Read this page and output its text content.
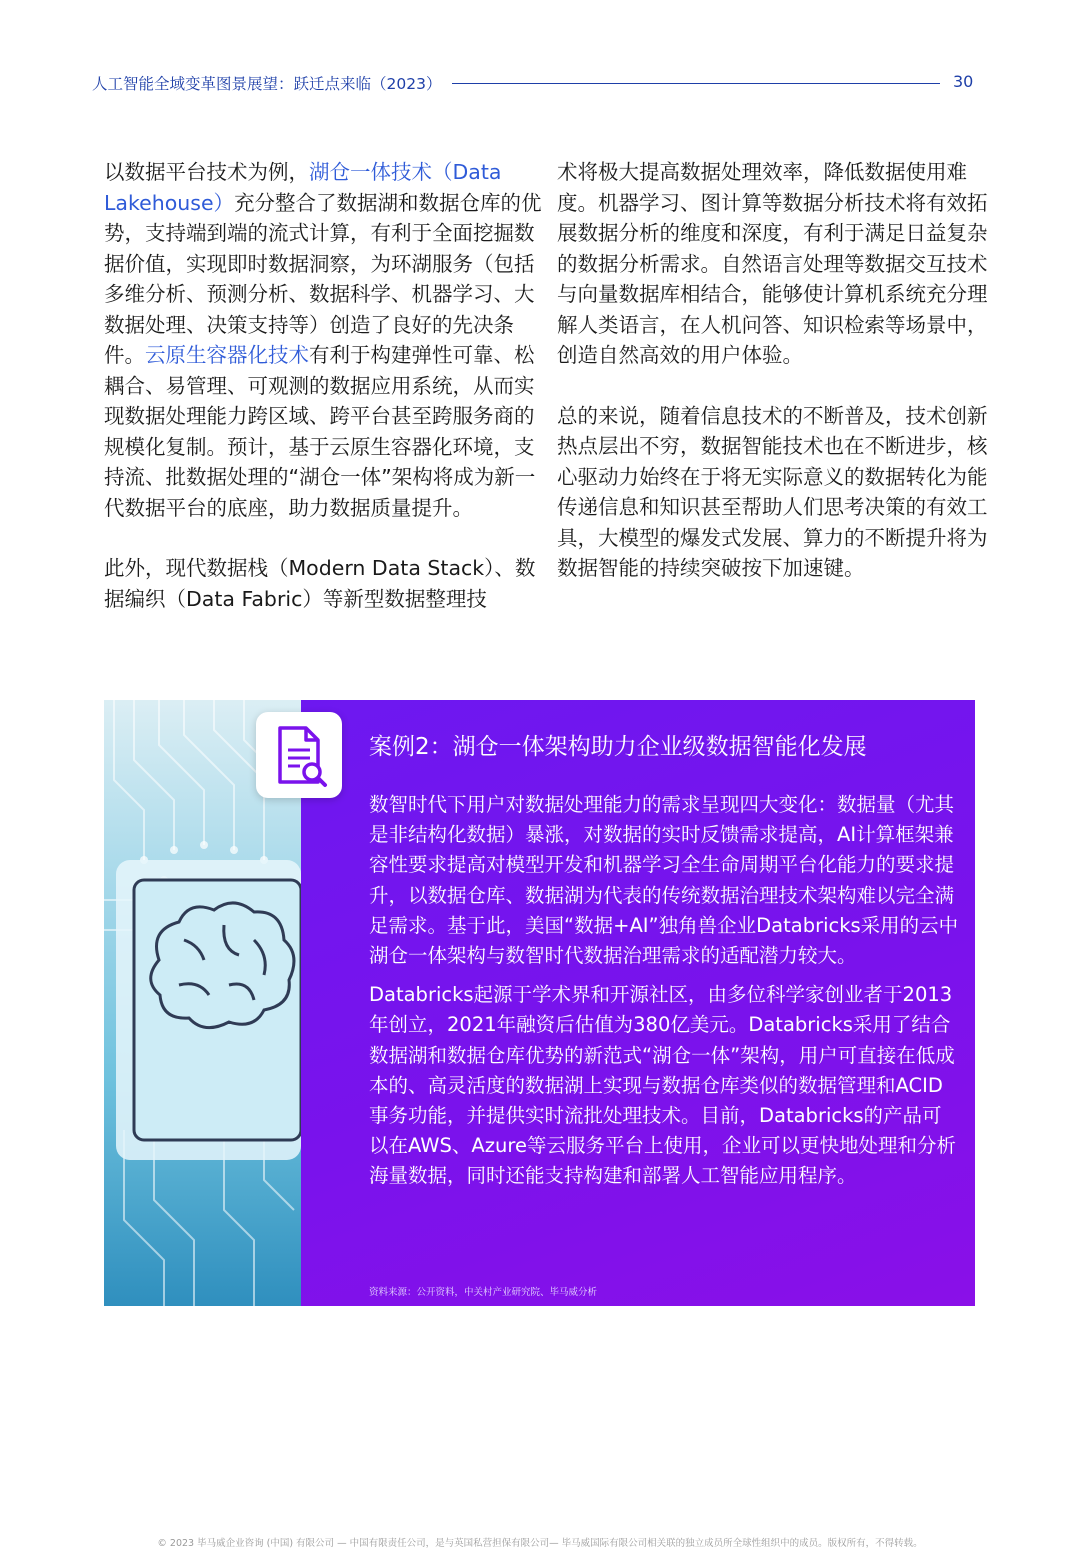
人工智能全域变革图景展望：跃迁点来临（2023）	30

以数据平台技术为例，湖仓一体技术（Data Lakehouse）充分整合了数据湖和数据仓库的优势，支持端到端的流式计算，有利于全面挖掘数据价值，实现即时数据洞察，为环湖服务（包括多维分析、预测分析、数据科学、机器学习、大数据处理、决策支持等）创造了良好的先决条件。云原生容器化技术有利于构建弹性可靠、松耦合、易管理、可观测的数据应用系统，从而实现数据处理能力跨区域、跨平台甚至跨服务商的规模化复制。预计，基于云原生容器化环境，支持流、批数据处理的“湖仓一体”架构将成为新一代数据平台的底座，助力数据质量提升。

此外，现代数据栈（Modern Data Stack）、数据编织（Data Fabric）等新型数据整理技

术将极大提高数据处理效率，降低数据使用难度。机器学习、图计算等数据分析技术将有效拓展数据分析的维度和深度，有利于满足日益复杂的数据分析需求。自然语言处理等数据交互技术与向量数据库相结合，能够使计算机系统充分理解人类语言，在人机问答、知识检索等场景中，创造自然高效的用户体验。

总的来说，随着信息技术的不断普及，技术创新热点层出不穷，数据智能技术也在不断进步，核心驱动力始终在于将无实际意义的数据转化为能传递信息和知识甚至帮助人们思考决策的有效工具，大模型的爆发式发展、算力的不断提升将为数据智能的持续突破按下加速键。

案例2：湖仓一体架构助力企业级数据智能化发展

数智时代下用户对数据处理能力的需求呈现四大变化：数据量（尤其是非结构化数据）暴涨，对数据的实时反馈需求提高，AI计算框架兼容性要求提高对模型开发和机器学习全生命周期平台化能力的要求提升，以数据仓库、数据湖为代表的传统数据治理技术架构难以完全满足需求。基于此，美国“数据+AI”独角兽企业Databricks采用的云中湖仓一体架构与数智时代数据治理需求的适配潜力较大。

Databricks起源于学术界和开源社区，由多位科学家创业者于2013年创立，2021年融资后估值为380亿美元。Databricks采用了结合数据湖和数据仓库优势的新范式“湖仓一体”架构，用户可直接在低成本的、高灵活度的数据湖上实现与数据仓库类似的数据管理和ACID事务功能，并提供实时流批处理技术。目前，Databricks的产品可以在AWS、Azure等云服务平台上使用，企业可以更快地处理和分析海量数据，同时还能支持构建和部署人工智能应用程序。

资料来源：公开资料，中关村产业研究院、毕马威分析
© 2023 毕马威企业咨询 (中国) 有限公司 — 中国有限责任公司，是与英国私营担保有限公司— 毕马威国际有限公司相关联的独立成员所全球性组织中的成员。版权所有，不得转载。
